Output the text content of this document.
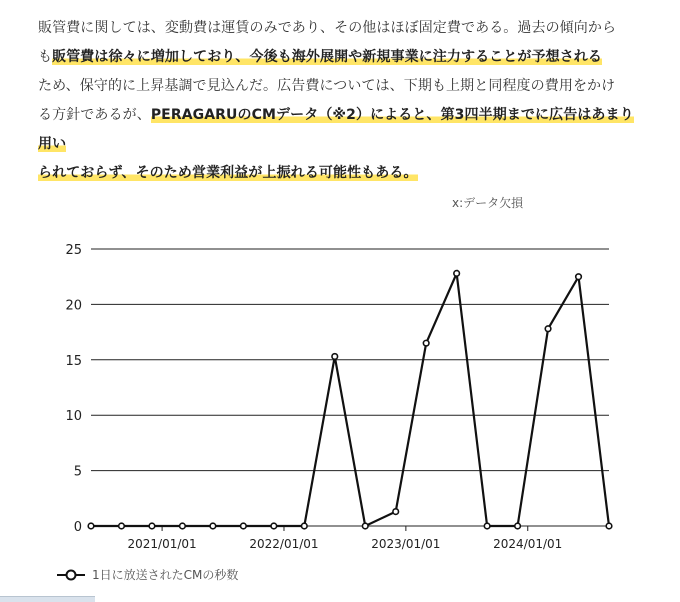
販管費に関しては、変動費は運賃のみであり、その他はほぼ固定費である。過去の傾向から
も販管費は徐々に増加しており、今後も海外展開や新規事業に注力することが予想される
ため、保守的に上昇基調で見込んだ。広告費については、下期も上期と同程度の費用をかけ
る方針であるが、PERAGARUのCMデータ（※2）によると、第3四半期までに広告はあまり用い
られておらず、そのため営業利益が上振れる可能性もある。

x:データ欠損
0
5
10
15
20
25
2021/01/01	2022/01/01	2023/01/01	2024/01/01
1日に放送されたCMの秒数
